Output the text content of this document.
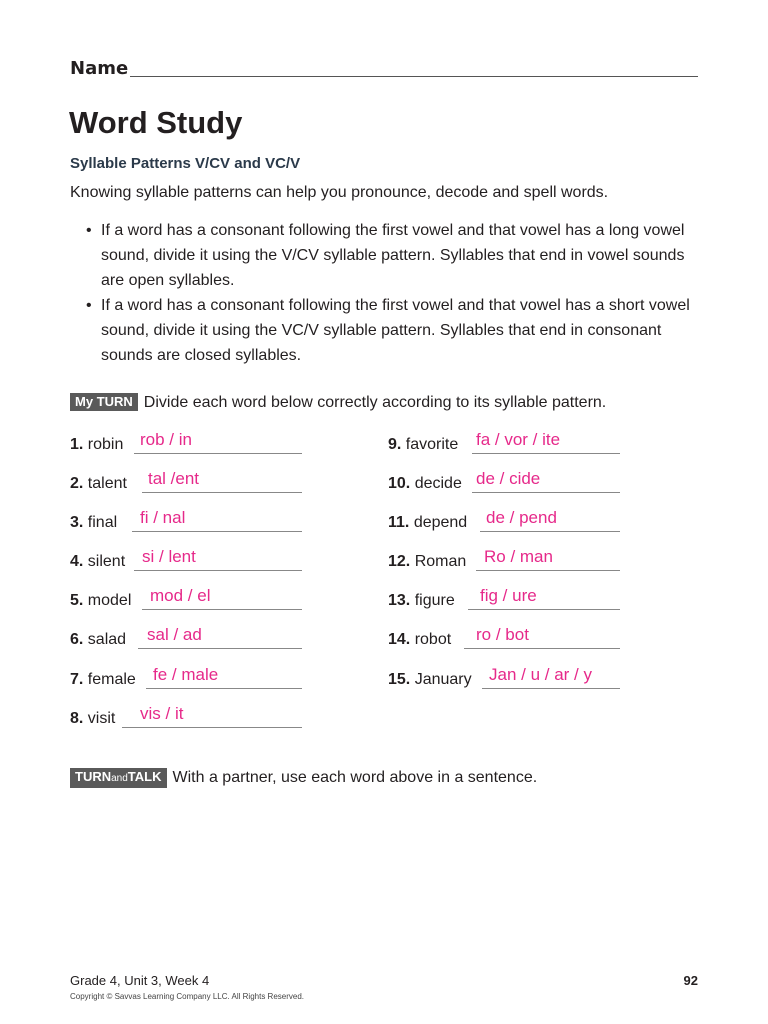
Name
Word Study
Syllable Patterns V/CV and VC/V
Knowing syllable patterns can help you pronounce, decode and spell words.
• If a word has a consonant following the first vowel and that vowel has a long vowel sound, divide it using the V/CV syllable pattern. Syllables that end in vowel sounds are open syllables.
• If a word has a consonant following the first vowel and that vowel has a short vowel sound, divide it using the VC/V syllable pattern. Syllables that end in consonant sounds are closed syllables.
My TURN Divide each word below correctly according to its syllable pattern.
1. robin rob / in
2. talent tal /ent
3. final fi / nal
4. silent si / lent
5. model mod / el
6. salad sal / ad
7. female fe / male
8. visit vis / it
9. favorite fa / vor / ite
10. decide de / cide
11. depend de / pend
12. Roman Ro / man
13. figure fig / ure
14. robot ro / bot
15. January Jan / u / ar / y
TURNandTALK With a partner, use each word above in a sentence.
Grade 4, Unit 3, Week 4	92
Copyright © Savvas Learning Company LLC. All Rights Reserved.
